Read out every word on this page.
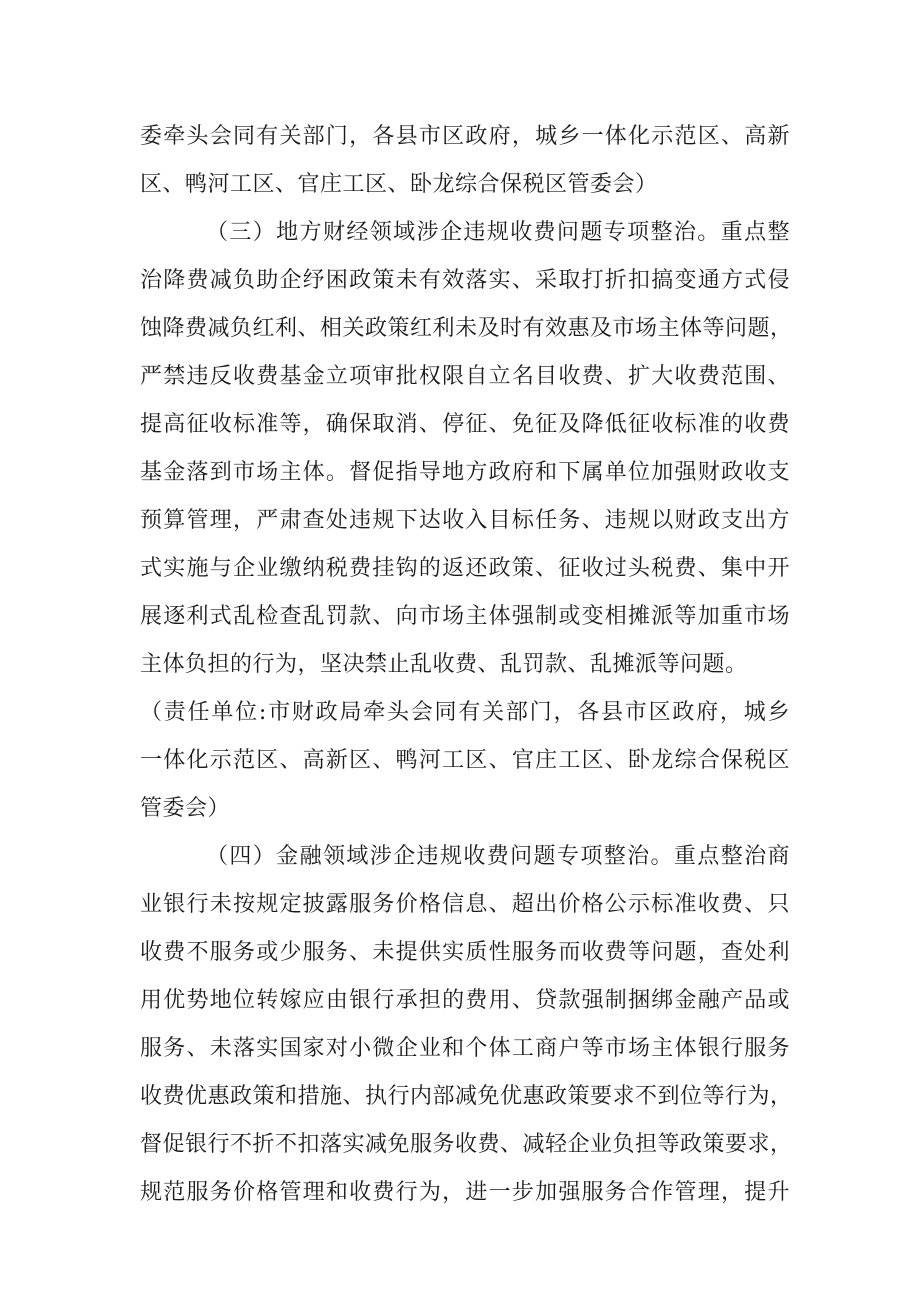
委牵头会同有关部门，各县市区政府，城乡一体化示范区、高新
区、鸭河工区、官庄工区、卧龙综合保税区管委会）
（三）地方财经领域涉企违规收费问题专项整治。重点整
治降费减负助企纾困政策未有效落实、采取打折扣搞变通方式侵
蚀降费减负红利、相关政策红利未及时有效惠及市场主体等问题，
严禁违反收费基金立项审批权限自立名目收费、扩大收费范围、
提高征收标准等，确保取消、停征、免征及降低征收标准的收费
基金落到市场主体。督促指导地方政府和下属单位加强财政收支
预算管理，严肃查处违规下达收入目标任务、违规以财政支出方
式实施与企业缴纳税费挂钩的返还政策、征收过头税费、集中开
展逐利式乱检查乱罚款、向市场主体强制或变相摊派等加重市场
主体负担的行为，坚决禁止乱收费、乱罚款、乱摊派等问题。
（责任单位:市财政局牵头会同有关部门，各县市区政府，城乡
一体化示范区、高新区、鸭河工区、官庄工区、卧龙综合保税区
管委会）
（四）金融领域涉企违规收费问题专项整治。重点整治商
业银行未按规定披露服务价格信息、超出价格公示标准收费、只
收费不服务或少服务、未提供实质性服务而收费等问题，查处利
用优势地位转嫁应由银行承担的费用、贷款强制捆绑金融产品或
服务、未落实国家对小微企业和个体工商户等市场主体银行服务
收费优惠政策和措施、执行内部减免优惠政策要求不到位等行为，
督促银行不折不扣落实减免服务收费、减轻企业负担等政策要求，
规范服务价格管理和收费行为，进一步加强服务合作管理，提升
